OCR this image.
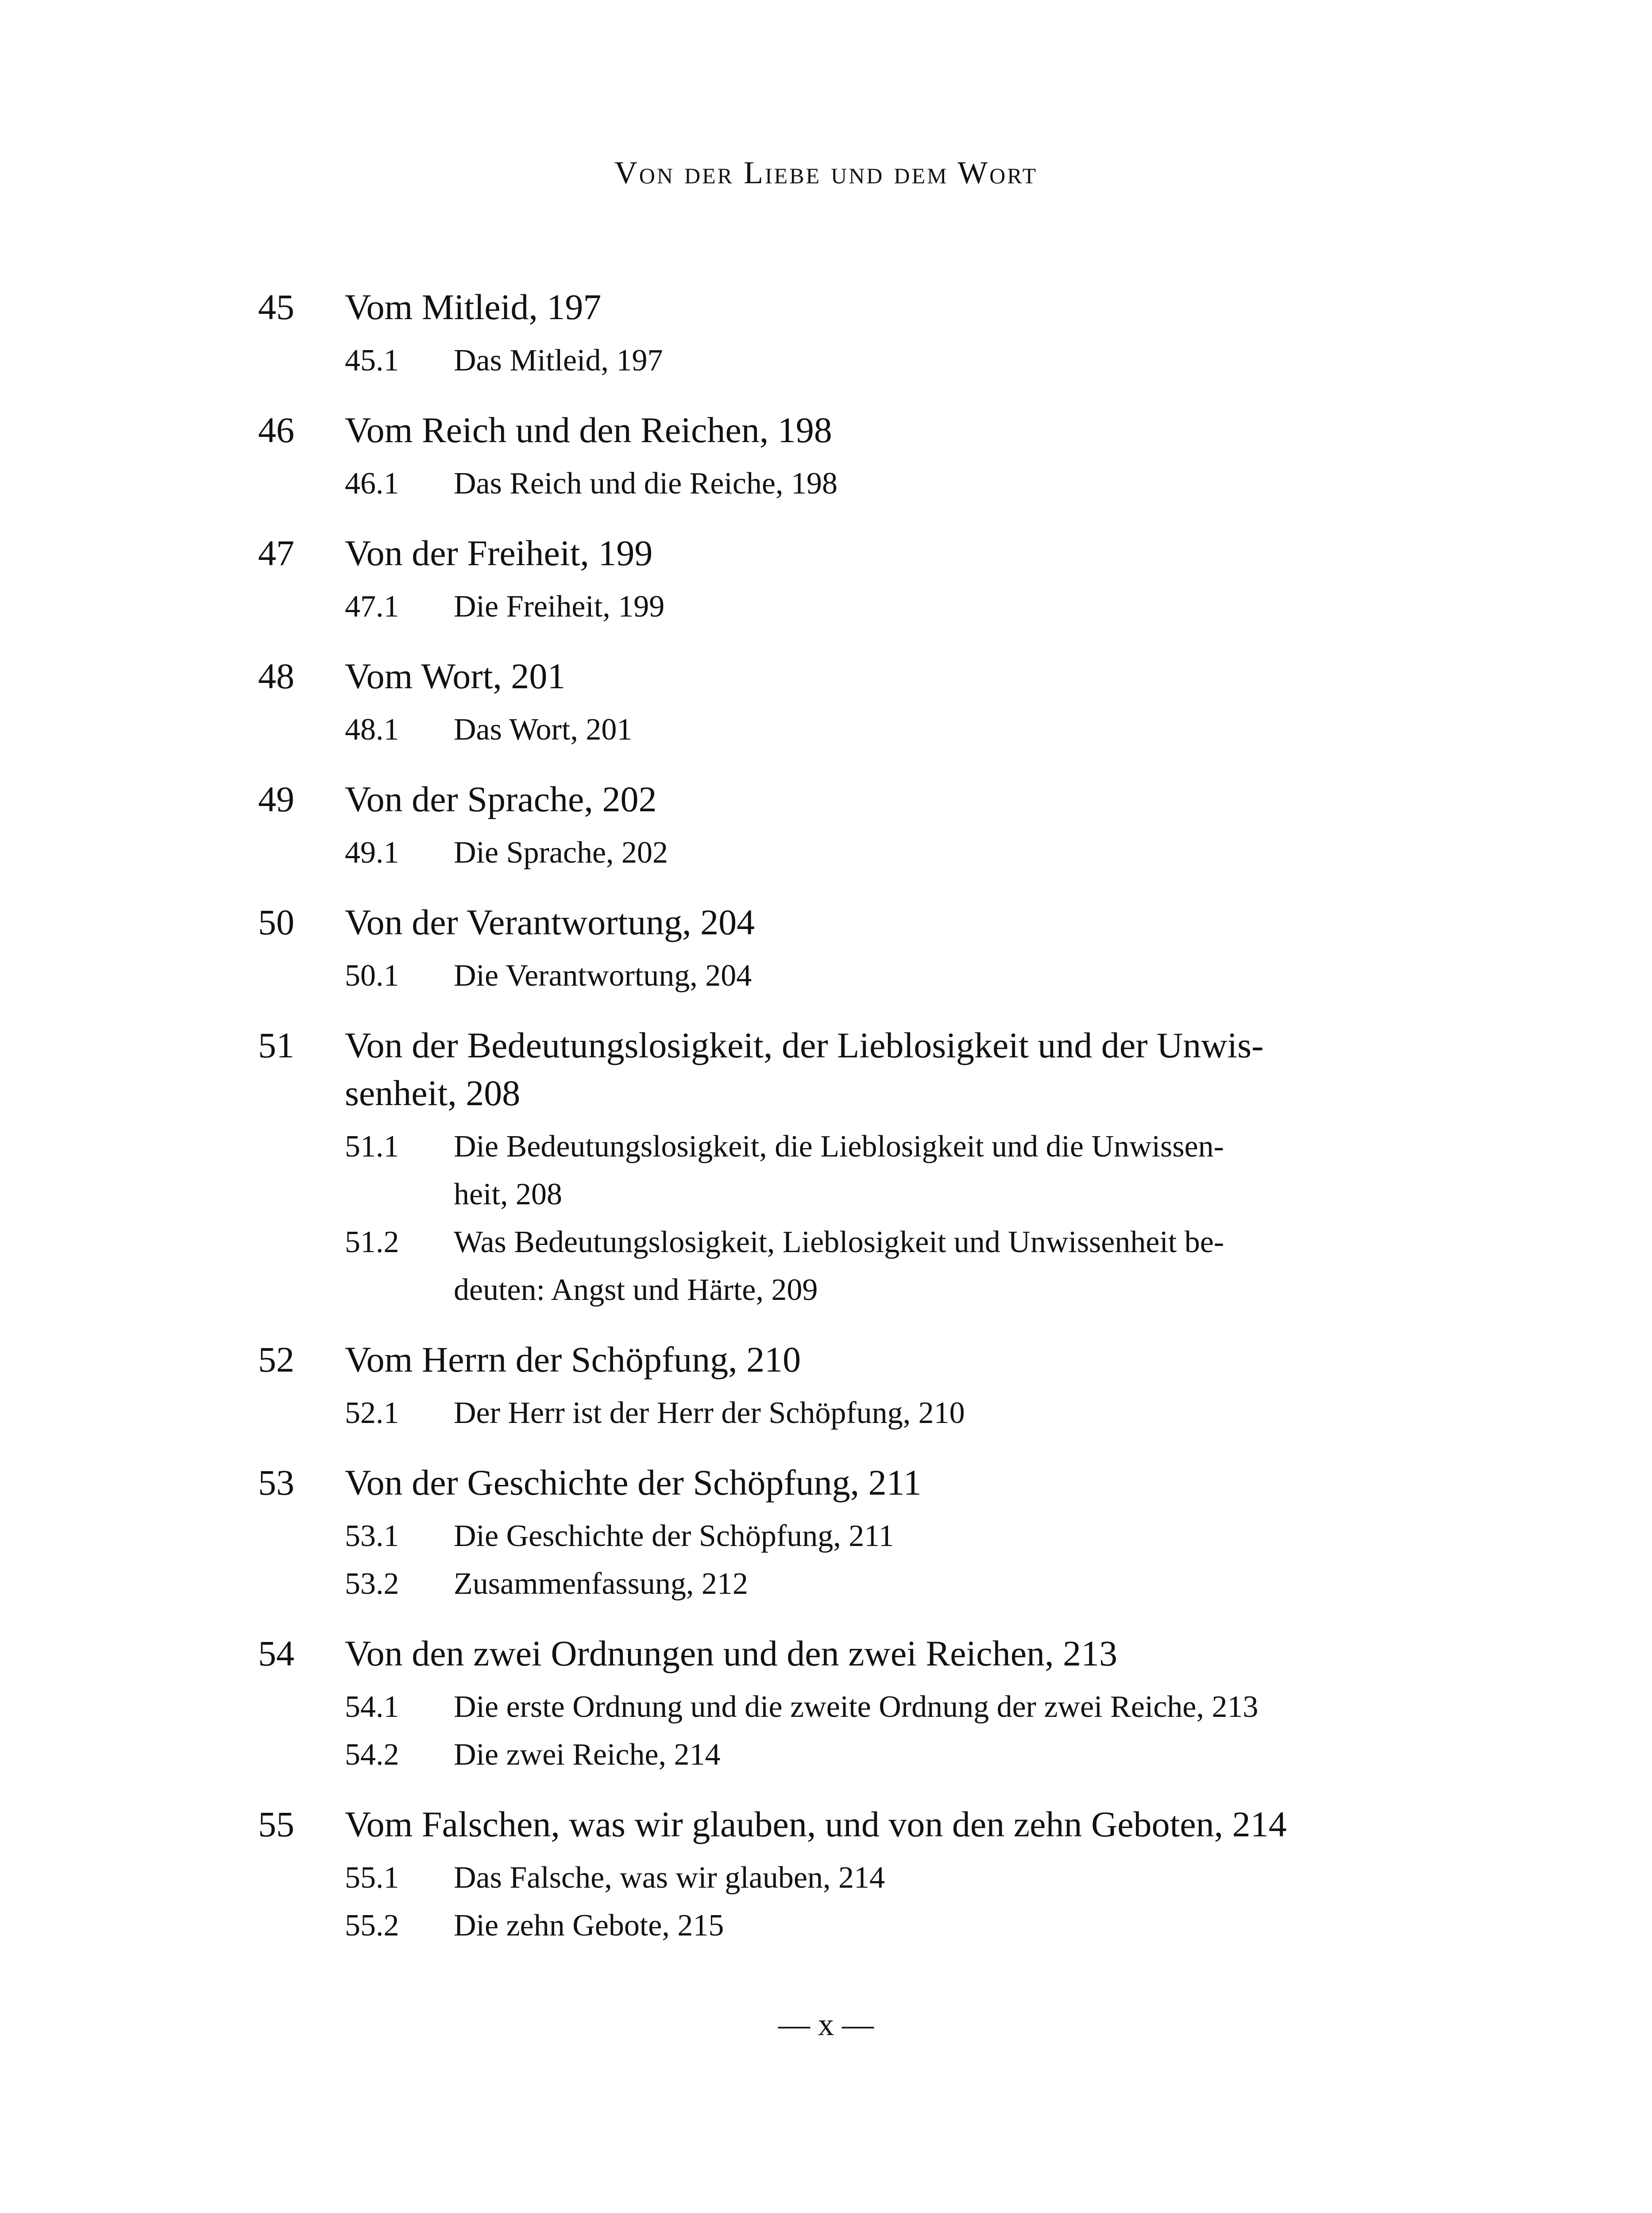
Von der Liebe und dem Wort
45	Vom Mitleid, 197
45.1	Das Mitleid, 197
46	Vom Reich und den Reichen, 198
46.1	Das Reich und die Reiche, 198
47	Von der Freiheit, 199
47.1	Die Freiheit, 199
48	Vom Wort, 201
48.1	Das Wort, 201
49	Von der Sprache, 202
49.1	Die Sprache, 202
50	Von der Verantwortung, 204
50.1	Die Verantwortung, 204
51	Von der Bedeutungslosigkeit, der Lieblosigkeit und der Unwis-
senheit, 208
51.1	Die Bedeutungslosigkeit, die Lieblosigkeit und die Unwissen-
heit, 208
51.2	Was Bedeutungslosigkeit, Lieblosigkeit und Unwissenheit be-
deuten: Angst und Härte, 209
52	Vom Herrn der Schöpfung, 210
52.1	Der Herr ist der Herr der Schöpfung, 210
53	Von der Geschichte der Schöpfung, 211
53.1	Die Geschichte der Schöpfung, 211
53.2	Zusammenfassung, 212
54	Von den zwei Ordnungen und den zwei Reichen, 213
54.1	Die erste Ordnung und die zweite Ordnung der zwei Reiche, 213
54.2	Die zwei Reiche, 214
55	Vom Falschen, was wir glauben, und von den zehn Geboten, 214
55.1	Das Falsche, was wir glauben, 214
55.2	Die zehn Gebote, 215
— x —
